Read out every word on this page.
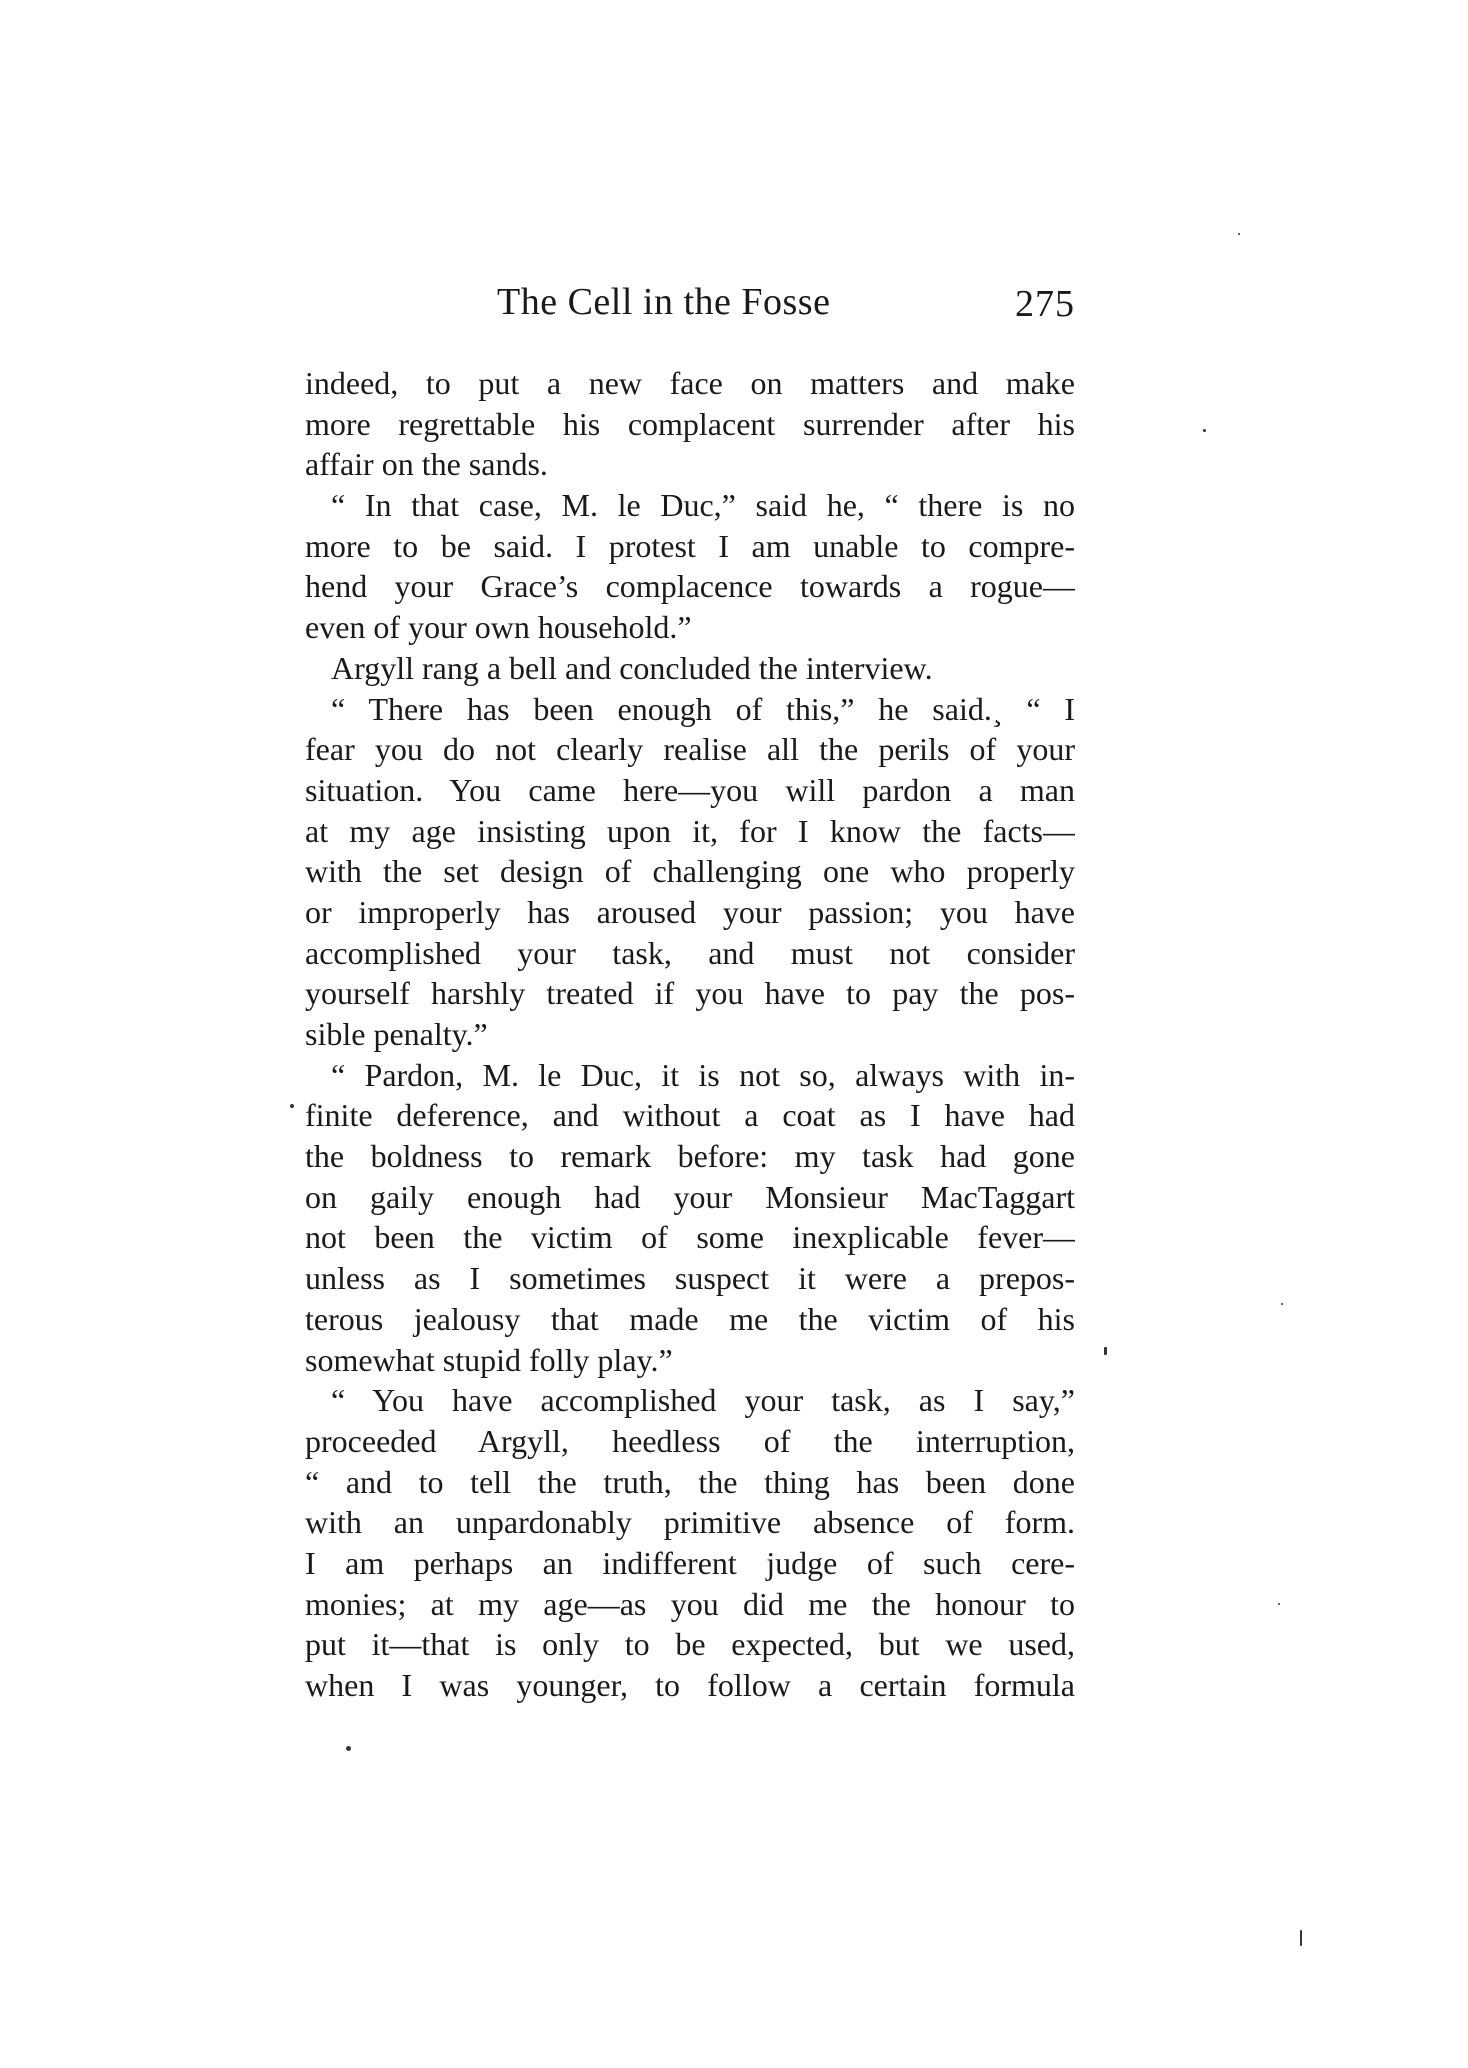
The Cell in the Fosse	275
indeed, to put a new face on matters and make
more regrettable his complacent surrender after his
affair on the sands.
“ In that case, M. le Duc,” said he, “ there is no
more to be said. I protest I am unable to compre-
hend your Grace’s complacence towards a rogue—
even of your own household.”
Argyll rang a bell and concluded the interview.
“ There has been enough of this,” he said.¸ “ I
fear you do not clearly realise all the perils of your
situation. You came here—you will pardon a man
at my age insisting upon it, for I know the facts—
with the set design of challenging one who properly
or improperly has aroused your passion; you have
accomplished your task, and must not consider
yourself harshly treated if you have to pay the pos-
sible penalty.”
“ Pardon, M. le Duc, it is not so, always with in-
finite deference, and without a coat as I have had
the boldness to remark before: my task had gone
on gaily enough had your Monsieur MacTaggart
not been the victim of some inexplicable fever—
unless as I sometimes suspect it were a prepos-
terous jealousy that made me the victim of his
somewhat stupid folly play.”
“ You have accomplished your task, as I say,”
proceeded Argyll, heedless of the interruption,
“ and to tell the truth, the thing has been done
with an unpardonably primitive absence of form.
I am perhaps an indifferent judge of such cere-
monies; at my age—as you did me the honour to
put it—that is only to be expected, but we used,
when I was younger, to follow a certain formula
